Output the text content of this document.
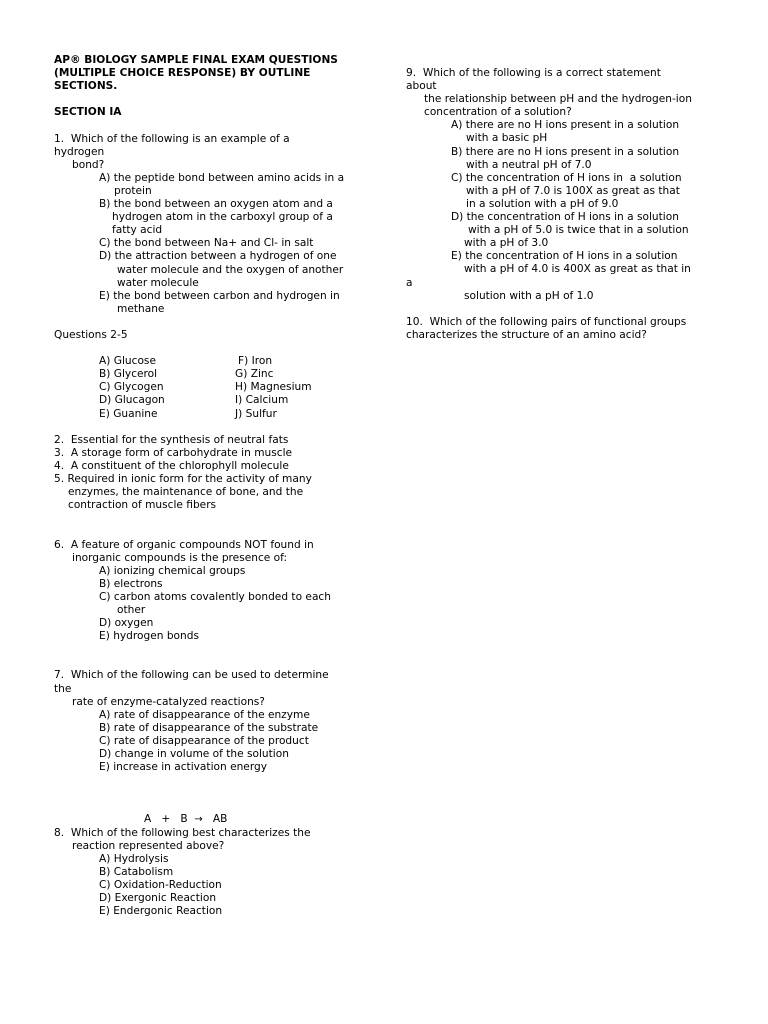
AP® BIOLOGY SAMPLE FINAL EXAM QUESTIONS
(MULTIPLE CHOICE RESPONSE) BY OUTLINE
SECTIONS.
SECTION IA
1.  Which of the following is an example of a
hydrogen
bond?
A) the peptide bond between amino acids in a
protein
B) the bond between an oxygen atom and a
hydrogen atom in the carboxyl group of a
fatty acid
C) the bond between Na+ and Cl- in salt
D) the attraction between a hydrogen of one
water molecule and the oxygen of another
water molecule
E) the bond between carbon and hydrogen in
methane
Questions 2-5
A) Glucose
B) Glycerol
C) Glycogen
D) Glucagon
E) Guanine
F) Iron
G) Zinc
H) Magnesium
I) Calcium
J) Sulfur
2.  Essential for the synthesis of neutral fats
3.  A storage form of carbohydrate in muscle
4.  A constituent of the chlorophyll molecule
5. Required in ionic form for the activity of many
enzymes, the maintenance of bone, and the
contraction of muscle fibers
6.  A feature of organic compounds NOT found in
inorganic compounds is the presence of:
A) ionizing chemical groups
B) electrons
C) carbon atoms covalently bonded to each
other
D) oxygen
E) hydrogen bonds
7.  Which of the following can be used to determine
the
rate of enzyme-catalyzed reactions?
A) rate of disappearance of the enzyme
B) rate of disappearance of the substrate
C) rate of disappearance of the product
D) change in volume of the solution
E) increase in activation energy
A + B → AB
8.  Which of the following best characterizes the
reaction represented above?
A) Hydrolysis
B) Catabolism
C) Oxidation-Reduction
D) Exergonic Reaction
E) Endergonic Reaction
9.  Which of the following is a correct statement
about
the relationship between pH and the hydrogen-ion
concentration of a solution?
A) there are no H ions present in a solution
with a basic pH
B) there are no H ions present in a solution
with a neutral pH of 7.0
C) the concentration of H ions in  a solution
with a pH of 7.0 is 100X as great as that
in a solution with a pH of 9.0
D) the concentration of H ions in a solution
with a pH of 5.0 is twice that in a solution
with a pH of 3.0
E) the concentration of H ions in a solution
with a pH of 4.0 is 400X as great as that in
a
solution with a pH of 1.0
10.  Which of the following pairs of functional groups
characterizes the structure of an amino acid?
